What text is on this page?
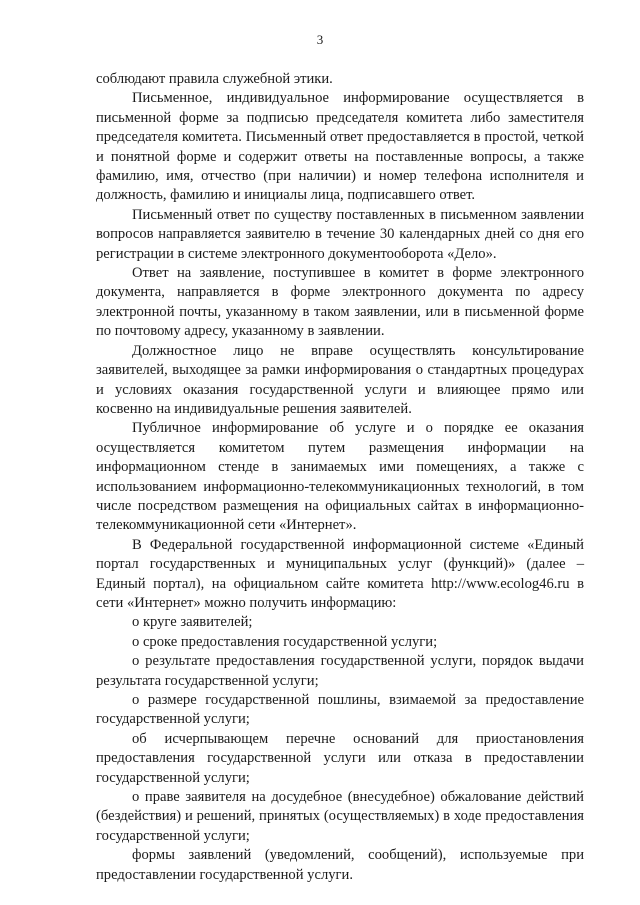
3

соблюдают правила служебной этики.

Письменное, индивидуальное информирование осуществляется в письменной форме за подписью председателя комитета либо заместителя председателя комитета. Письменный ответ предоставляется в простой, четкой и понятной форме и содержит ответы на поставленные вопросы, а также фамилию, имя, отчество (при наличии) и номер телефона исполнителя и должность, фамилию и инициалы лица, подписавшего ответ.

Письменный ответ по существу поставленных в письменном заявлении вопросов направляется заявителю в течение 30 календарных дней со дня его регистрации в системе электронного документооборота «Дело».

Ответ на заявление, поступившее в комитет в форме электронного документа, направляется в форме электронного документа по адресу электронной почты, указанному в таком заявлении, или в письменной форме по почтовому адресу, указанному в заявлении.

Должностное лицо не вправе осуществлять консультирование заявителей, выходящее за рамки информирования о стандартных процедурах и условиях оказания государственной услуги и влияющее прямо или косвенно на индивидуальные решения заявителей.

Публичное информирование об услуге и о порядке ее оказания осуществляется комитетом путем размещения информации на информационном стенде в занимаемых ими помещениях, а также с использованием информационно-телекоммуникационных технологий, в том числе посредством размещения на официальных сайтах в информационно-телекоммуникационной сети «Интернет».

В Федеральной государственной информационной системе «Единый портал государственных и муниципальных услуг (функций)» (далее – Единый портал), на официальном сайте комитета http://www.ecolog46.ru в сети «Интернет» можно получить информацию:

о круге заявителей;

о сроке предоставления государственной услуги;

о результате предоставления государственной услуги, порядок выдачи результата государственной услуги;

о размере государственной пошлины, взимаемой за предоставление государственной услуги;

об исчерпывающем перечне оснований для приостановления предоставления государственной услуги или отказа в предоставлении государственной услуги;

о праве заявителя на досудебное (внесудебное) обжалование действий (бездействия) и решений, принятых (осуществляемых) в ходе предоставления государственной услуги;

формы заявлений (уведомлений, сообщений), используемые при предоставлении государственной услуги.
